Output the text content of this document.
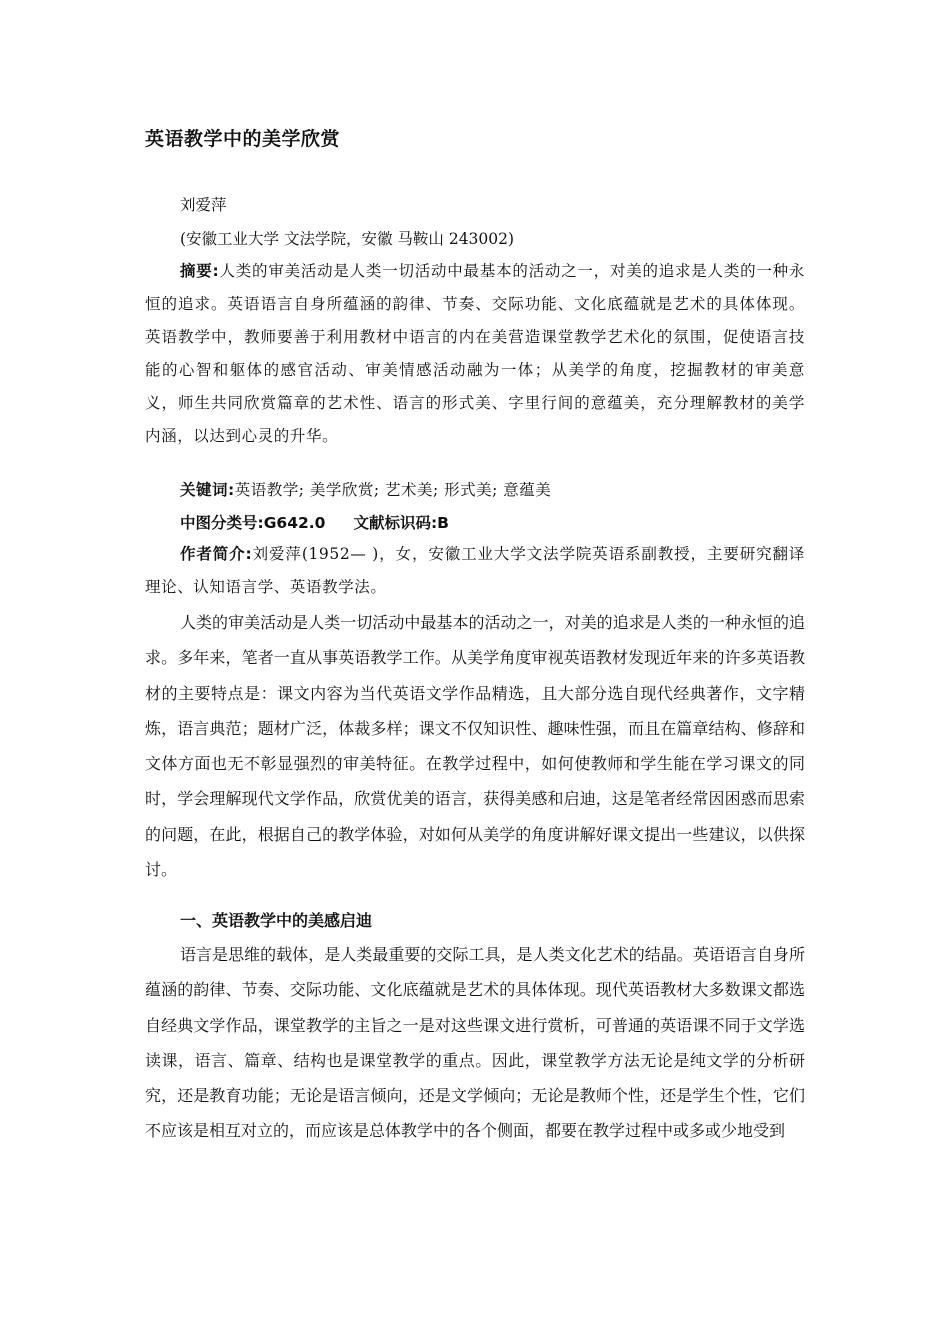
英语教学中的美学欣赏
刘爱萍
(安徽工业大学 文法学院，安徽 马鞍山 243002)
摘要:人类的审美活动是人类一切活动中最基本的活动之一，对美的追求是人类的一种永恒的追求。英语语言自身所蕴涵的韵律、节奏、交际功能、文化底蕴就是艺术的具体体现。英语教学中，教师要善于利用教材中语言的内在美营造课堂教学艺术化的氛围，促使语言技能的心智和躯体的感官活动、审美情感活动融为一体；从美学的角度，挖掘教材的审美意义，师生共同欣赏篇章的艺术性、语言的形式美、字里行间的意蕴美，充分理解教材的美学内涵，以达到心灵的升华。
关键词:英语教学; 美学欣赏; 艺术美; 形式美; 意蕴美
中图分类号:G642.0 文献标识码:B
作者简介:刘爱萍(1952— )，女，安徽工业大学文法学院英语系副教授，主要研究翻译理论、认知语言学、英语教学法。
人类的审美活动是人类一切活动中最基本的活动之一，对美的追求是人类的一种永恒的追求。多年来，笔者一直从事英语教学工作。从美学角度审视英语教材发现近年来的许多英语教材的主要特点是：课文内容为当代英语文学作品精选，且大部分选自现代经典著作，文字精炼，语言典范；题材广泛，体裁多样；课文不仅知识性、趣味性强，而且在篇章结构、修辞和文体方面也无不彰显强烈的审美特征。在教学过程中，如何使教师和学生能在学习课文的同时，学会理解现代文学作品，欣赏优美的语言，获得美感和启迪，这是笔者经常因困惑而思索的问题，在此，根据自己的教学体验，对如何从美学的角度讲解好课文提出一些建议，以供探讨。
一、英语教学中的美感启迪
语言是思维的载体，是人类最重要的交际工具，是人类文化艺术的结晶。英语语言自身所蕴涵的韵律、节奏、交际功能、文化底蕴就是艺术的具体体现。现代英语教材大多数课文都选自经典文学作品，课堂教学的主旨之一是对这些课文进行赏析，可普通的英语课不同于文学选读课，语言、篇章、结构也是课堂教学的重点。因此，课堂教学方法无论是纯文学的分析研究，还是教育功能；无论是语言倾向，还是文学倾向；无论是教师个性，还是学生个性，它们不应该是相互对立的，而应该是总体教学中的各个侧面，都要在教学过程中或多或少地受到
